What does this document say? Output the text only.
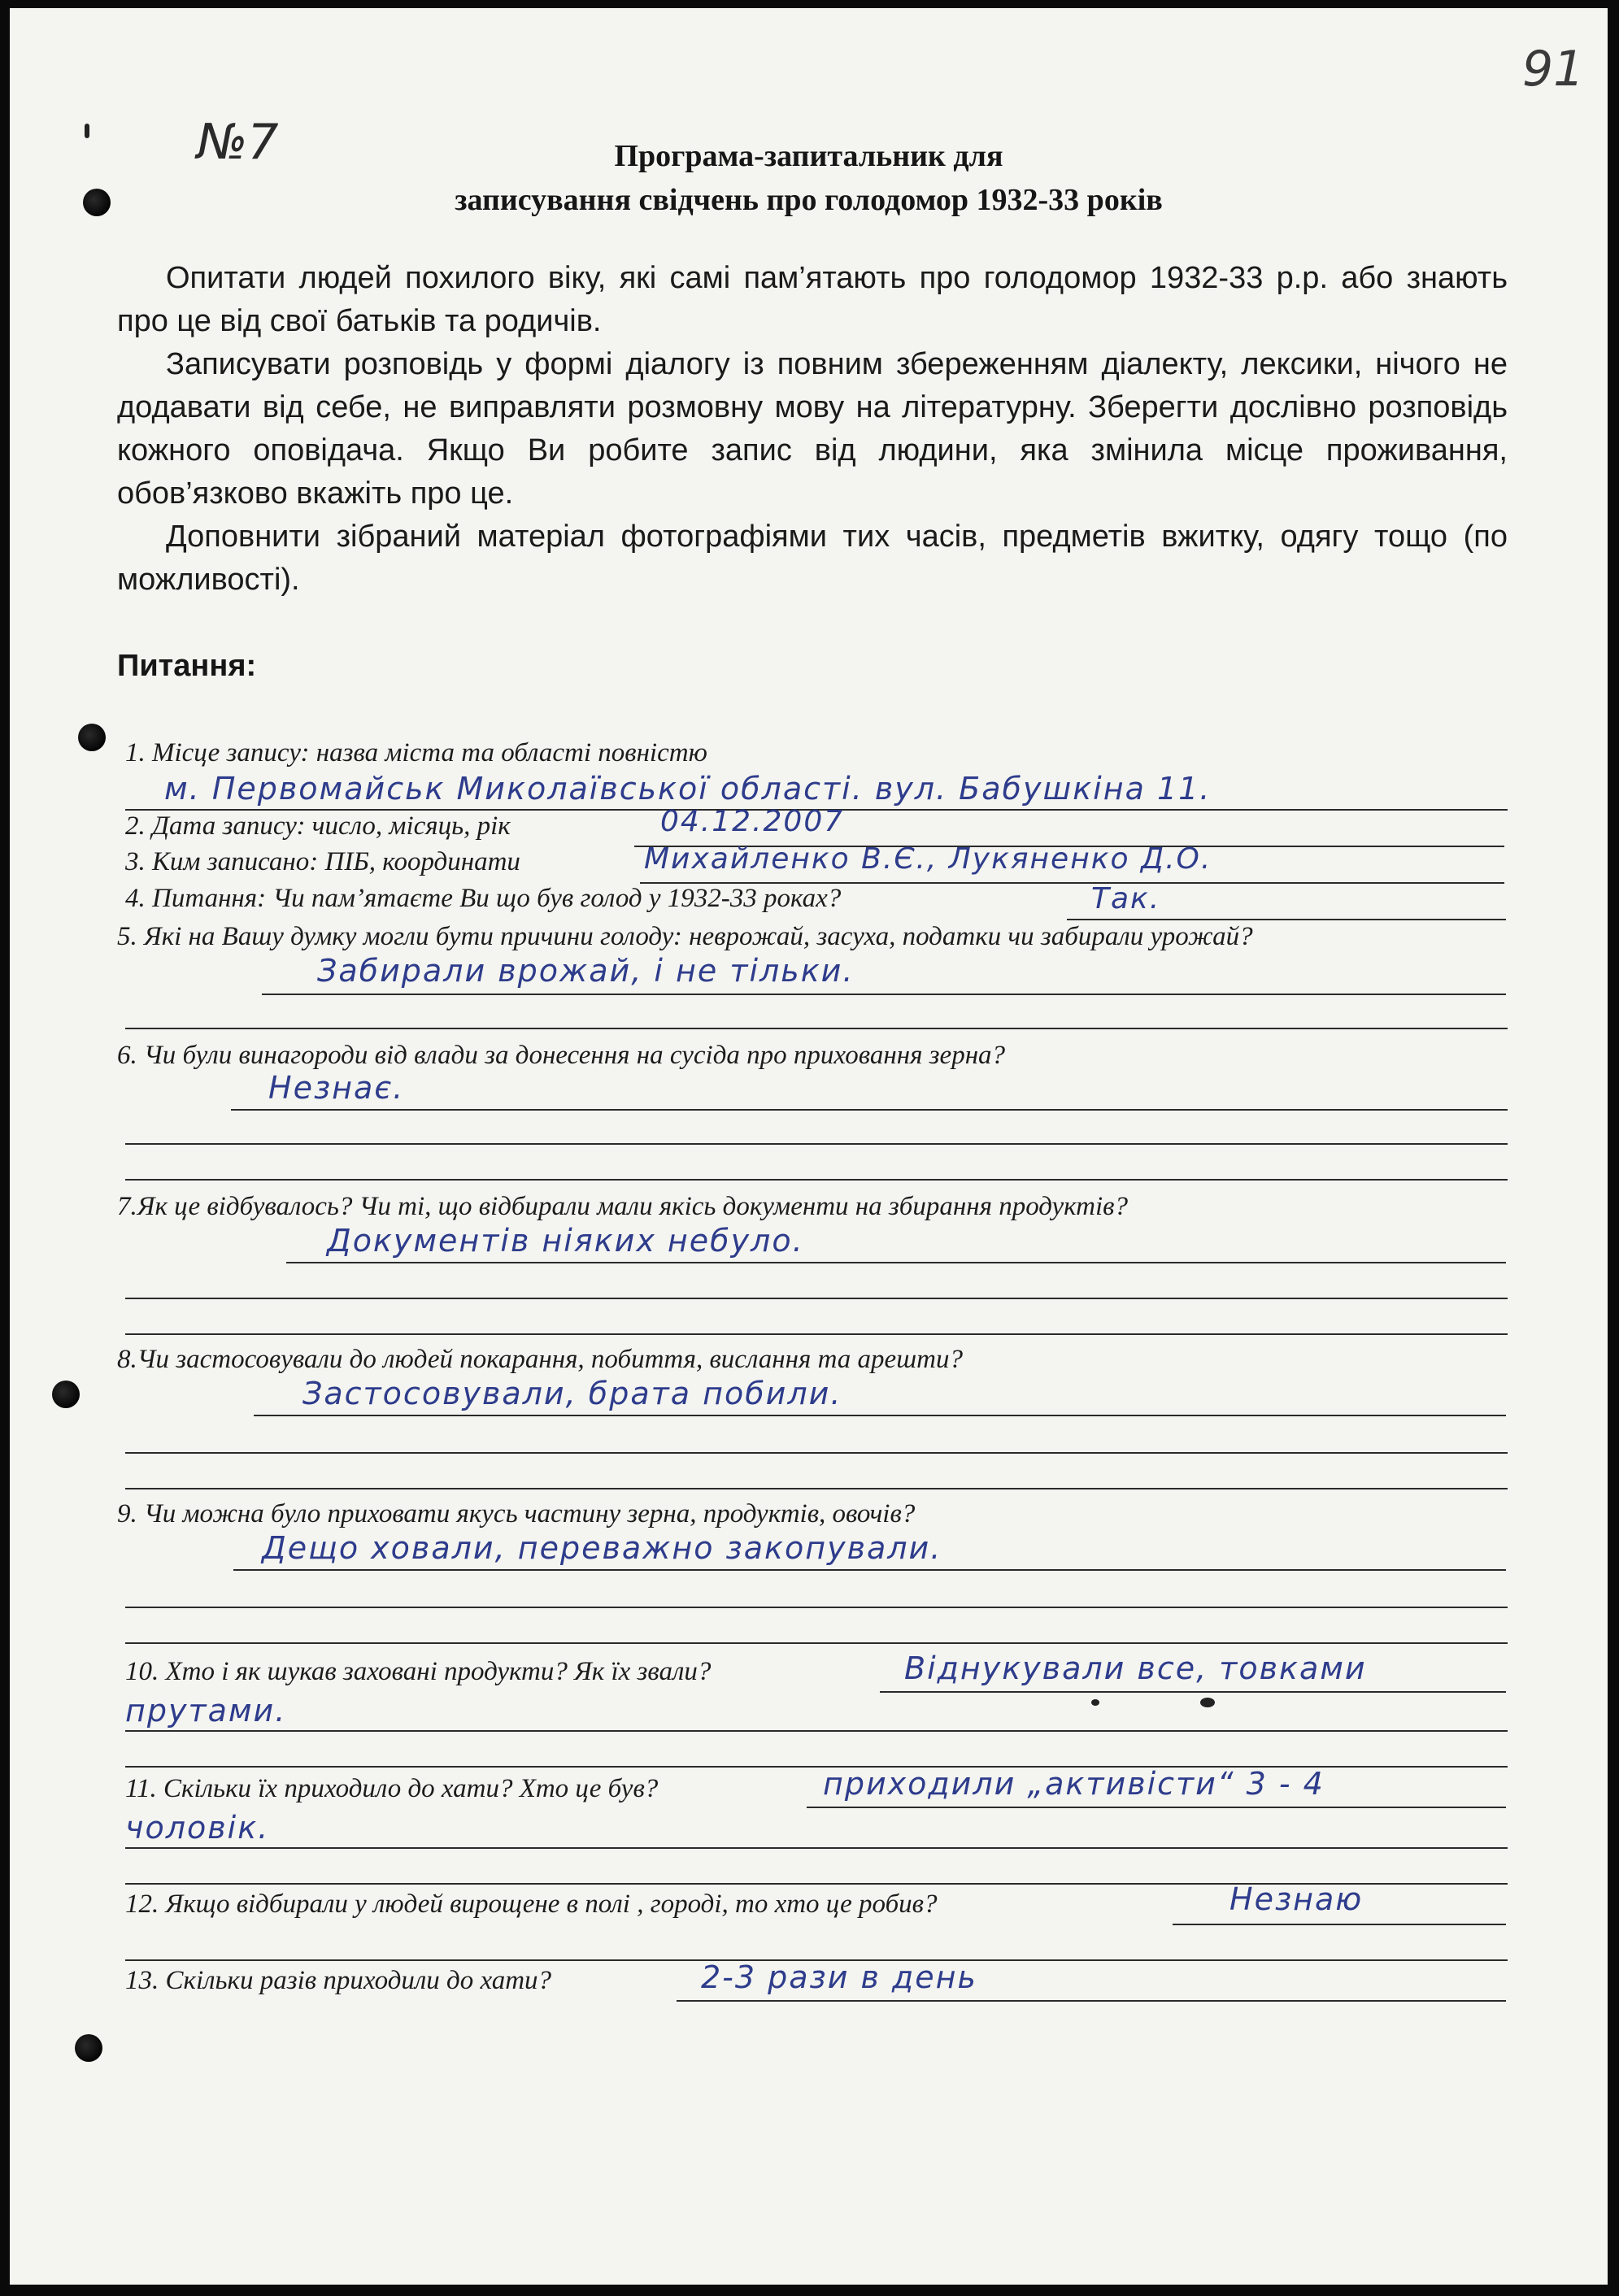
91
№7	Програма-запитальник для
записування свідчень про голодомор 1932-33 років

Опитати людей похилого віку, які самі пам’ятають про голодомор 1932-33 р.р. або знають про це від свої батьків та родичів.

Записувати розповідь у формі діалогу із повним збереженням діалекту, лексики, нічого не додавати від себе, не виправляти розмовну мову на літературну. Зберегти дослівно розповідь кожного оповідача. Якщо Ви робите запис від людини, яка змінила місце проживання, обов’язково вкажіть про це.

Доповнити зібраний матеріал фотографіями тих часів, предметів вжитку, одягу тощо (по можливості).

Питання:
1. Місце запису: назва міста та області повністю
м. Первомайськ Миколаївської області. вул. Бабушкіна 11.
2. Дата запису: число, місяць, рік	04.12.2007
3. Ким записано: ПІБ, координати	Михайленко В.Є., Лукяненко Д.О.
4. Питання: Чи пам’ятаєте Ви що був голод у 1932-33 роках?	Так.

5. Які на Вашу думку могли бути причини голоду: неврожай, засуха, податки чи забирали урожай?

Забирали врожай, і не тільки.

6. Чи були винагороди від влади за донесення на сусіда про приховання зерна?

Незнає.

7.Як це відбувалось? Чи ті, що відбирали мали якісь документи на збирання продуктів?

Документів ніяких небуло.

8.Чи застосовували до людей покарання, побиття, вислання та арешти?

Застосовували, брата побили.

9. Чи можна було приховати якусь частину зерна, продуктів, овочів?

Дещо ховали, переважно закопували.
10. Хто і як шукав заховані продукти? Як їх звали?	Віднукували все, товками
прутами.
11. Скільки їх приходило до хати? Хто це був?	приходили „активісти“ 3 - 4
чоловік.
12. Якщо відбирали у людей вирощене в полі , городі, то хто це робив?	Незнаю
13. Скільки разів приходили до хати?	2-3 рази в день
